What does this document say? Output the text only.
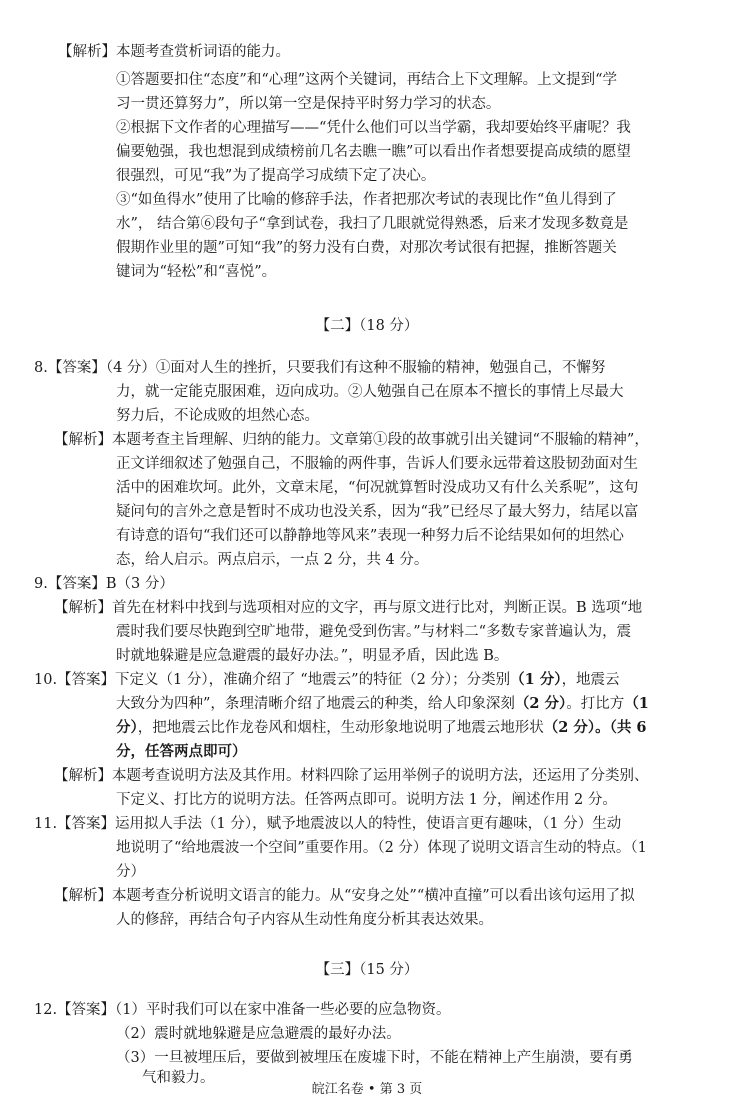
【解析】本题考查赏析词语的能力。
①答题要扣住“态度”和“心理”这两个关键词，再结合上下文理解。上文提到“学
习一贯还算努力”，所以第一空是保持平时努力学习的状态。
②根据下文作者的心理描写——“凭什么他们可以当学霸，我却要始终平庸呢？我
偏要勉强，我也想混到成绩榜前几名去瞧一瞧”可以看出作者想要提高成绩的愿望
很强烈，可见“我”为了提高学习成绩下定了决心。
③“如鱼得水”使用了比喻的修辞手法，作者把那次考试的表现比作“鱼儿得到了
水”， 结合第⑥段句子“拿到试卷，我扫了几眼就觉得熟悉，后来才发现多数竟是
假期作业里的题”可知“我”的努力没有白费，对那次考试很有把握，推断答题关
键词为“轻松”和“喜悦”。
【二】（18 分）
8.【答案】（4 分）①面对人生的挫折，只要我们有这种不服输的精神，勉强自己，不懈努
力，就一定能克服困难，迈向成功。②人勉强自己在原本不擅长的事情上尽最大
努力后，不论成败的坦然心态。
【解析】本题考查主旨理解、归纳的能力。文章第①段的故事就引出关键词“不服输的精神”，
正文详细叙述了勉强自己，不服输的两件事，告诉人们要永远带着这股韧劲面对生
活中的困难坎坷。此外，文章末尾，“何况就算暂时没成功又有什么关系呢”，这句
疑问句的言外之意是暂时不成功也没关系，因为“我”已经尽了最大努力，结尾以富
有诗意的语句“我们还可以静静地等风来”表现一种努力后不论结果如何的坦然心
态，给人启示。两点启示，一点 2 分，共 4 分。
9.【答案】B（3 分）
【解析】首先在材料中找到与选项相对应的文字，再与原文进行比对，判断正误。B 选项“地
震时我们要尽快跑到空旷地带，避免受到伤害。”与材料二“多数专家普遍认为，震
时就地躲避是应急避震的最好办法。”，明显矛盾，因此选 B。
10.【答案】下定义（1 分），准确介绍了 “地震云”的特征（2 分）；分类别（1 分），地震云
大致分为四种”，条理清晰介绍了地震云的种类，给人印象深刻（2 分）。打比方（1
分），把地震云比作龙卷风和烟柱，生动形象地说明了地震云地形状（2 分）。（共 6
分，任答两点即可）
【解析】本题考查说明方法及其作用。材料四除了运用举例子的说明方法，还运用了分类别、
下定义、打比方的说明方法。任答两点即可。说明方法 1 分，阐述作用 2 分。
11.【答案】运用拟人手法（1 分），赋予地震波以人的特性，使语言更有趣味，（1 分）生动
地说明了“给地震波一个空间”重要作用。（2 分）体现了说明文语言生动的特点。（1
分）
【解析】本题考查分析说明文语言的能力。从“安身之处”“横冲直撞”可以看出该句运用了拟
人的修辞，再结合句子内容从生动性角度分析其表达效果。
【三】（15 分）
12.【答案】（1）平时我们可以在家中准备一些必要的应急物资。
（2）震时就地躲避是应急避震的最好办法。
（3）一旦被埋压后，要做到被埋压在废墟下时，不能在精神上产生崩溃，要有勇
气和毅力。
皖江名卷 • 第 3 页
